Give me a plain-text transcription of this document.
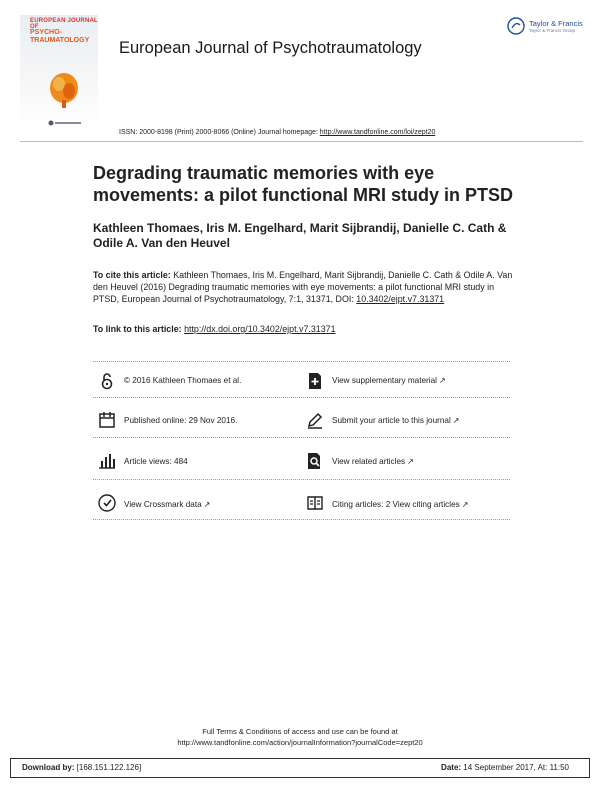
EUROPEAN JOURNAL OF
PSYCHO-
TRAUMATOLOGY European Journal of Psychotraumatology
Taylor & Francis
Taylor & Francis Group
ISSN: 2000-8198 (Print) 2000-8066 (Online) Journal homepage: http://www.tandfonline.com/loi/zept20
Degrading traumatic memories with eye
movements: a pilot functional MRI study in PTSD
Kathleen Thomaes, Iris M. Engelhard, Marit Sijbrandij, Danielle C. Cath &
Odile A. Van den Heuvel
To cite this article: Kathleen Thomaes, Iris M. Engelhard, Marit Sijbrandij, Danielle C. Cath & Odile A. Van den Heuvel (2016) Degrading traumatic memories with eye movements: a pilot functional MRI study in PTSD, European Journal of Psychotraumatology, 7:1, 31371, DOI: 10.3402/ejpt.v7.31371
To link to this article: http://dx.doi.org/10.3402/ejpt.v7.31371
© 2016 Kathleen Thomaes et al.	View supplementary material ↗
Published online: 29 Nov 2016.	Submit your article to this journal ↗
Article views: 484	View related articles ↗
View Crossmark data ↗	Citing articles: 2 View citing articles ↗
Full Terms & Conditions of access and use can be found at
http://www.tandfonline.com/action/journalInformation?journalCode=zept20
Download by: [168.151.122.126]	Date: 14 September 2017, At: 11:50
